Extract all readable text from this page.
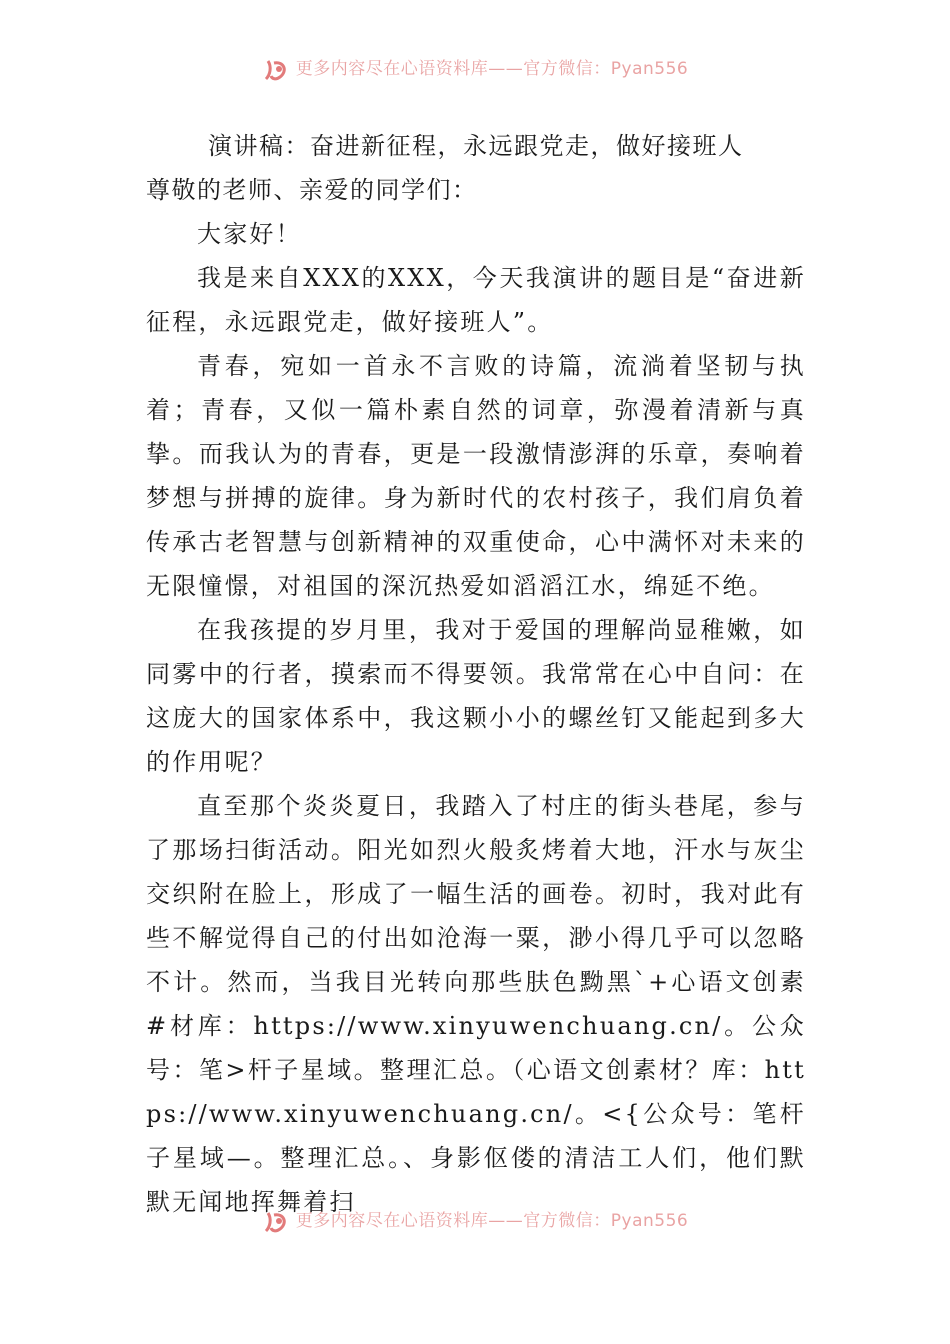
更多内容尽在心语资料库——官方微信：Pyan556
演讲稿：奋进新征程，永远跟党走，做好接班人

尊敬的老师、亲爱的同学们：

大家好！

我是来自XXX的XXX，今天我演讲的题目是“奋进新征程，永远跟党走，做好接班人”。

青春，宛如一首永不言败的诗篇，流淌着坚韧与执着；青春，又似一篇朴素自然的词章，弥漫着清新与真挚。而我认为的青春，更是一段激情澎湃的乐章，奏响着梦想与拼搏的旋律。身为新时代的农村孩子，我们肩负着传承古老智慧与创新精神的双重使命，心中满怀对未来的无限憧憬，对祖国的深沉热爱如滔滔江水，绵延不绝。

在我孩提的岁月里，我对于爱国的理解尚显稚嫩，如同雾中的行者，摸索而不得要领。我常常在心中自问：在这庞大的国家体系中，我这颗小小的螺丝钉又能起到多大的作用呢？

直至那个炎炎夏日，我踏入了村庄的街头巷尾，参与了那场扫街活动。阳光如烈火般炙烤着大地，汗水与灰尘交织附在脸上，形成了一幅生活的画卷。初时，我对此有些不解觉得自己的付出如沧海一粟，渺小得几乎可以忽略不计。然而，当我目光转向那些肤色黝黑`+心语文创素#材库：https://www.xinyuwenchuang.cn/。公众号：笔>杆子星域。整理汇总。（心语文创素材？库：https://www.xinyuwenchuang.cn/。<{公众号：笔杆子星域—。整理汇总。、身影伛偻的清洁工人们，他们默默无闻地挥舞着扫

更多内容尽在心语资料库——官方微信：Pyan556
